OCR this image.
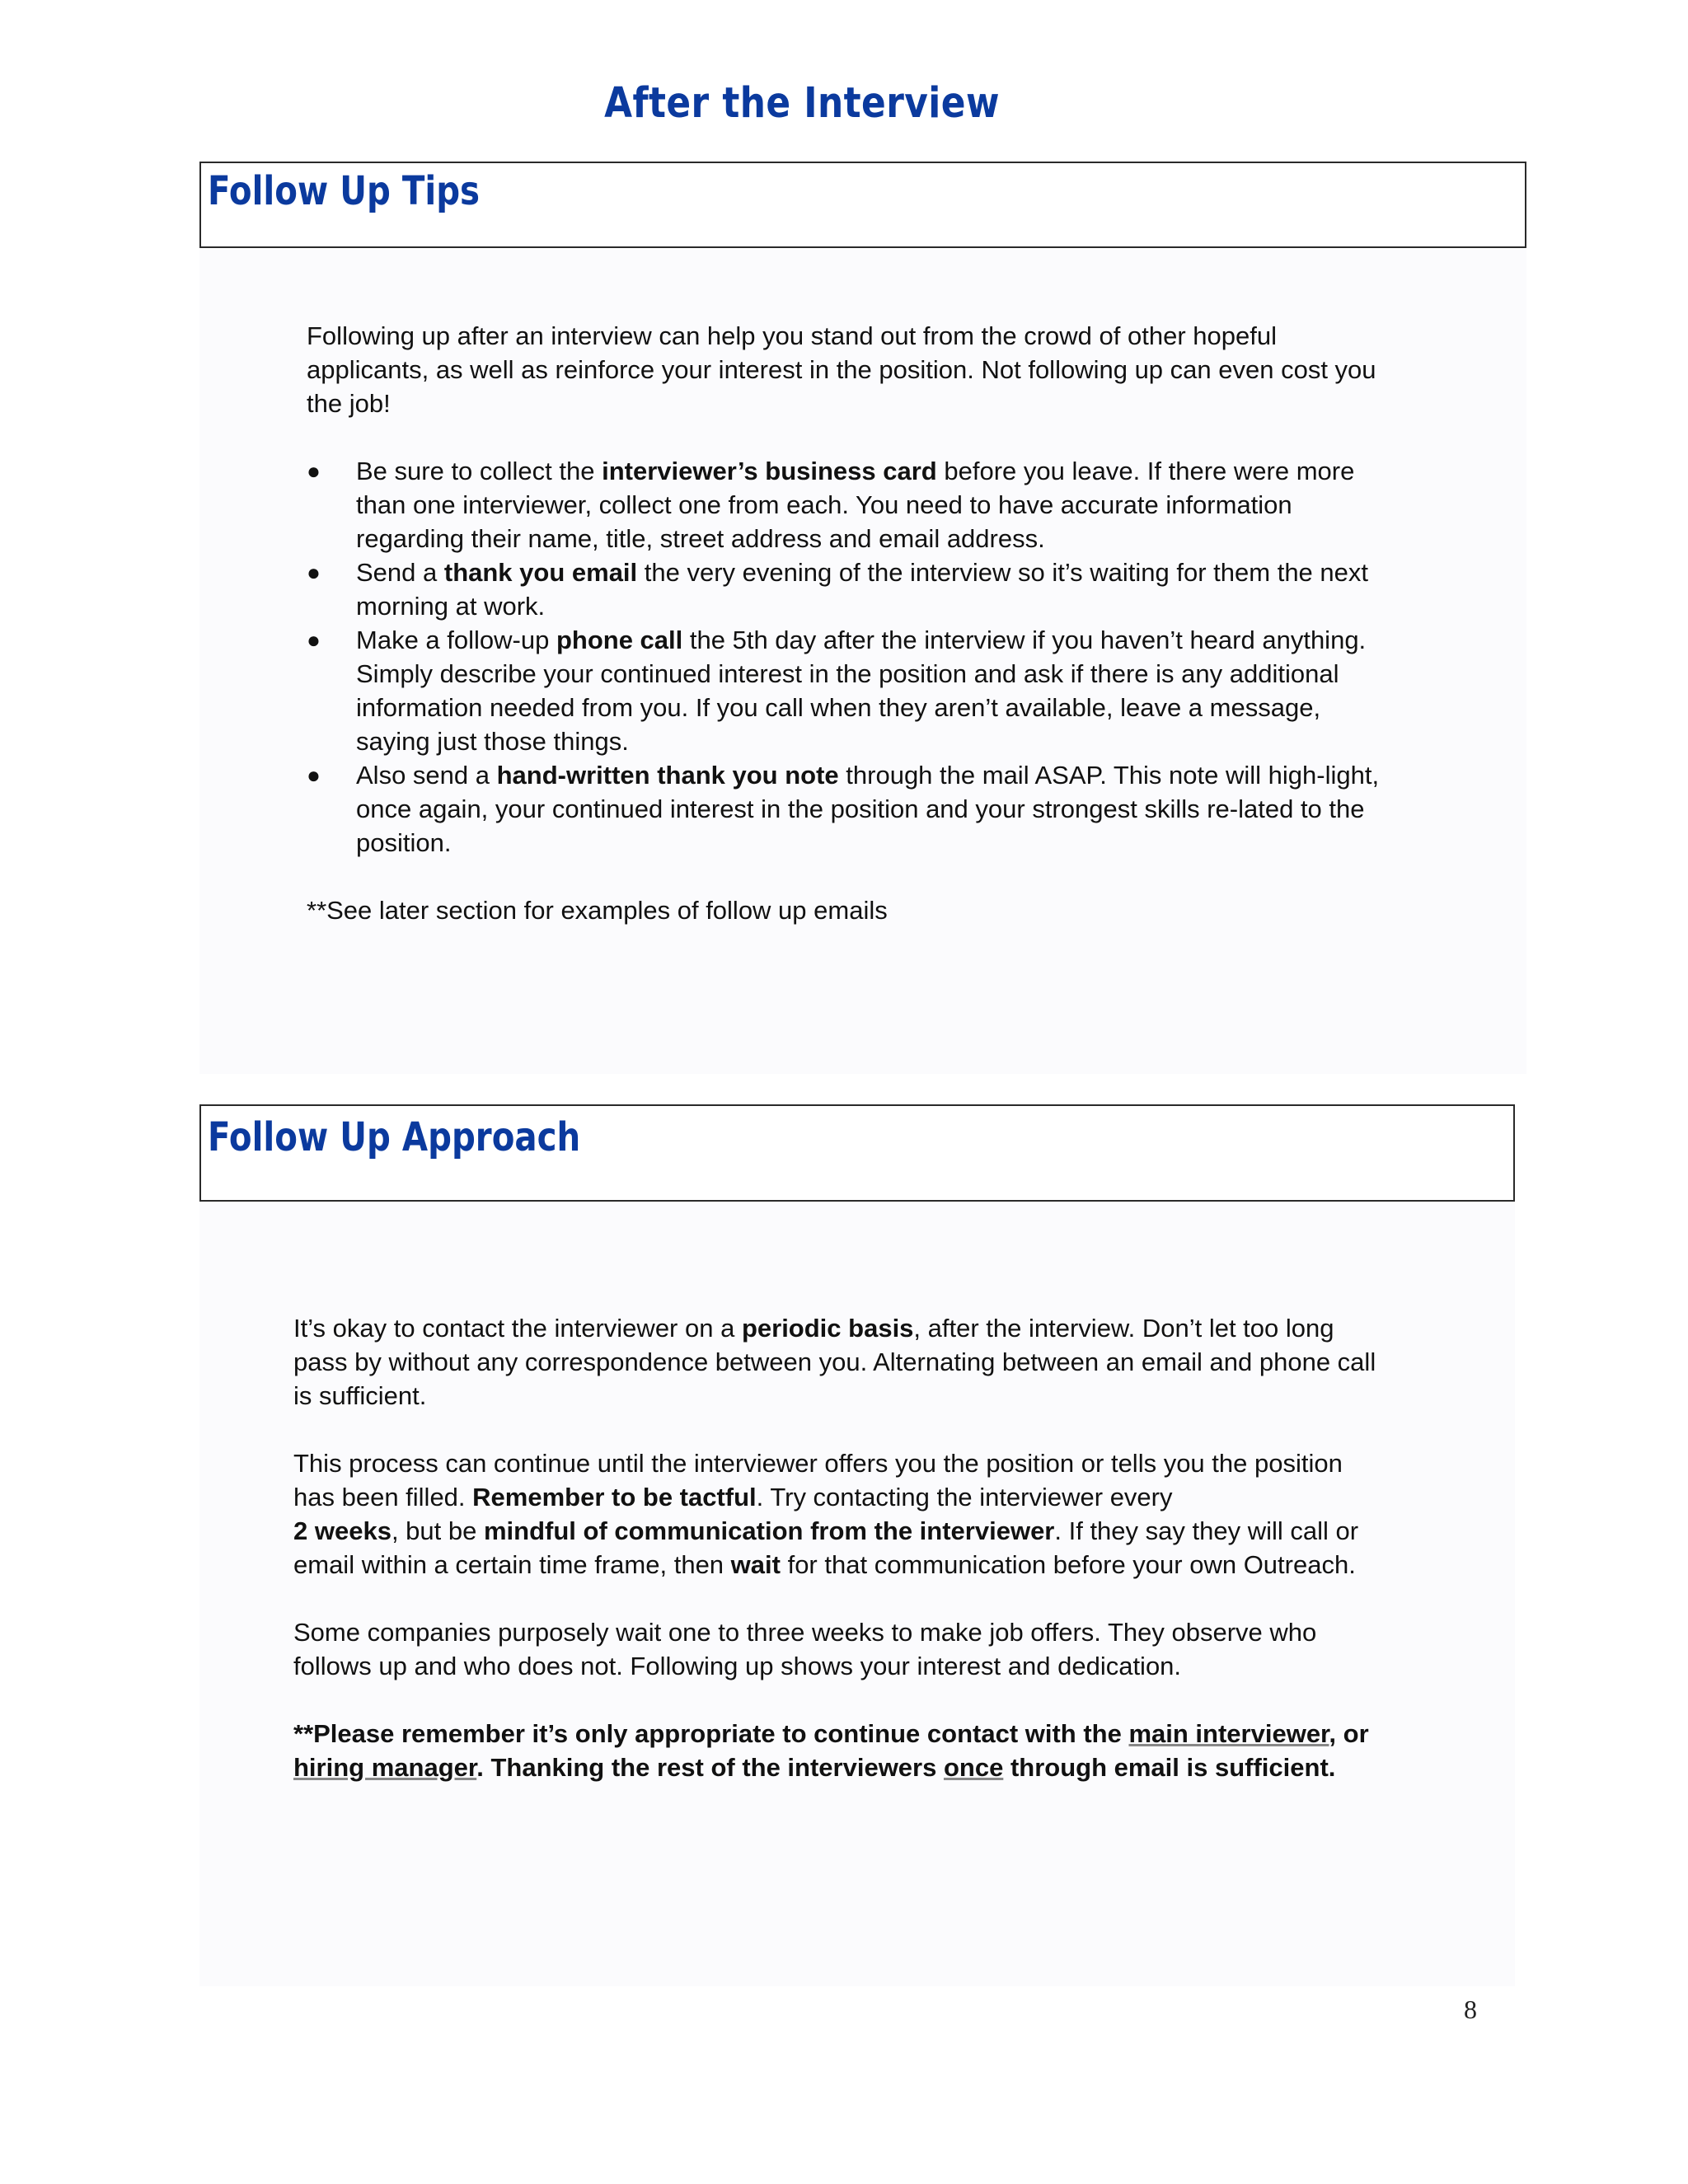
After the Interview
Follow Up Tips

Following up after an interview can help you stand out from the crowd of other hopeful applicants, as well as reinforce your interest in the position. Not following up can even cost you the job!

● Be sure to collect the interviewer’s business card before you leave. If there were more than one interviewer, collect one from each. You need to have accurate information regarding their name, title, street address and email address.
● Send a thank you email the very evening of the interview so it’s waiting for them the next morning at work.
● Make a follow-up phone call the 5th day after the interview if you haven’t heard anything. Simply describe your continued interest in the position and ask if there is any additional information needed from you. If you call when they aren’t available, leave a message, saying just those things.
● Also send a hand-written thank you note through the mail ASAP. This note will high-light, once again, your continued interest in the position and your strongest skills re-lated to the position.

**See later section for examples of follow up emails

Follow Up Approach

It’s okay to contact the interviewer on a periodic basis, after the interview. Don’t let too long pass by without any correspondence between you. Alternating between an email and phone call is sufficient.

This process can continue until the interviewer offers you the position or tells you the position has been filled. Remember to be tactful. Try contacting the interviewer every
2 weeks, but be mindful of communication from the interviewer. If they say they will call or email within a certain time frame, then wait for that communication before your own Outreach.

Some companies purposely wait one to three weeks to make job offers. They observe who follows up and who does not. Following up shows your interest and dedication.

**Please remember it’s only appropriate to continue contact with the main interviewer, or hiring manager. Thanking the rest of the interviewers once through email is sufficient.

8
